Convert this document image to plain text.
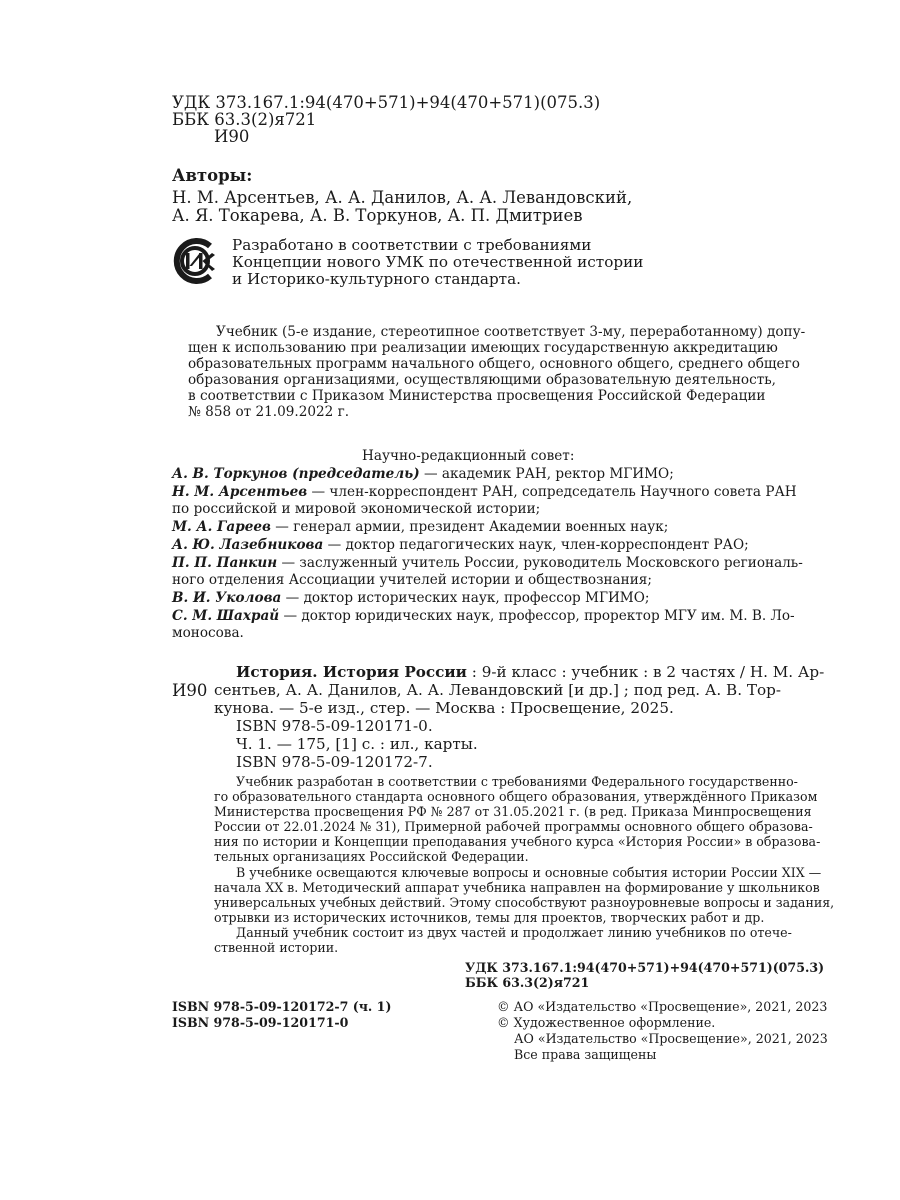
УДК 373.167.1:94(470+571)+94(470+571)(075.3)
ББК 63.3(2)я721
И90
Авторы:
Н. М. Арсентьев, А. А. Данилов, А. А. Левандовский,
А. Я. Токарева, А. В. Торкунов, А. П. Дмитриев
Разработано в соответствии с требованиями
Концепции нового УМК по отечественной истории
и Историко-культурного стандарта.
Учебник (5-е издание, стереотипное соответствует 3-му, переработанному) допу-
щен к использованию при реализации имеющих государственную аккредитацию
образовательных программ начального общего, основного общего, среднего общего
образования организациями, осуществляющими образовательную деятельность,
в соответствии с Приказом Министерства просвещения Российской Федерации
№ 858 от 21.09.2022 г.
Научно-редакционный совет:
А. В. Торкунов (председатель) — академик РАН, ректор МГИМО;
Н. М. Арсентьев — член-корреспондент РАН, сопредседатель Научного совета РАН
по российской и мировой экономической истории;
М. А. Гареев — генерал армии, президент Академии военных наук;
А. Ю. Лазебникова — доктор педагогических наук, член-корреспондент РАО;
П. П. Панкин — заслуженный учитель России, руководитель Московского региональ-
ного отделения Ассоциации учителей истории и обществознания;
В. И. Уколова — доктор исторических наук, профессор МГИМО;
С. М. Шахрай — доктор юридических наук, профессор, проректор МГУ им. М. В. Ло-
моносова.
И90
История. История России : 9-й класс : учебник : в 2 частях / Н. М. Ар-
сентьев, А. А. Данилов, А. А. Левандовский [и др.] ; под ред. А. В. Тор-
кунова. — 5-е изд., стер. — Москва : Просвещение, 2025.
ISBN 978-5-09-120171-0.
Ч. 1. — 175, [1] с. : ил., карты.
ISBN 978-5-09-120172-7.
Учебник разработан в соответствии с требованиями Федерального государственно-
го образовательного стандарта основного общего образования, утверждённого Приказом
Министерства просвещения РФ № 287 от 31.05.2021 г. (в ред. Приказа Минпросвещения
России от 22.01.2024 № 31), Примерной рабочей программы основного общего образова-
ния по истории и Концепции преподавания учебного курса «История России» в образова-
тельных организациях Российской Федерации.
В учебнике освещаются ключевые вопросы и основные события истории России XIX —
начала XX в. Методический аппарат учебника направлен на формирование у школьников
универсальных учебных действий. Этому способствуют разноуровневые вопросы и задания,
отрывки из исторических источников, темы для проектов, творческих работ и др.
Данный учебник состоит из двух частей и продолжает линию учебников по отече-
ственной истории.
УДК 373.167.1:94(470+571)+94(470+571)(075.3)
ББК 63.3(2)я721
ISBN 978-5-09-120172-7 (ч. 1)
ISBN 978-5-09-120171-0
© АО «Издательство «Просвещение», 2021, 2023
© Художественное оформление.
АО «Издательство «Просвещение», 2021, 2023
Все права защищены
